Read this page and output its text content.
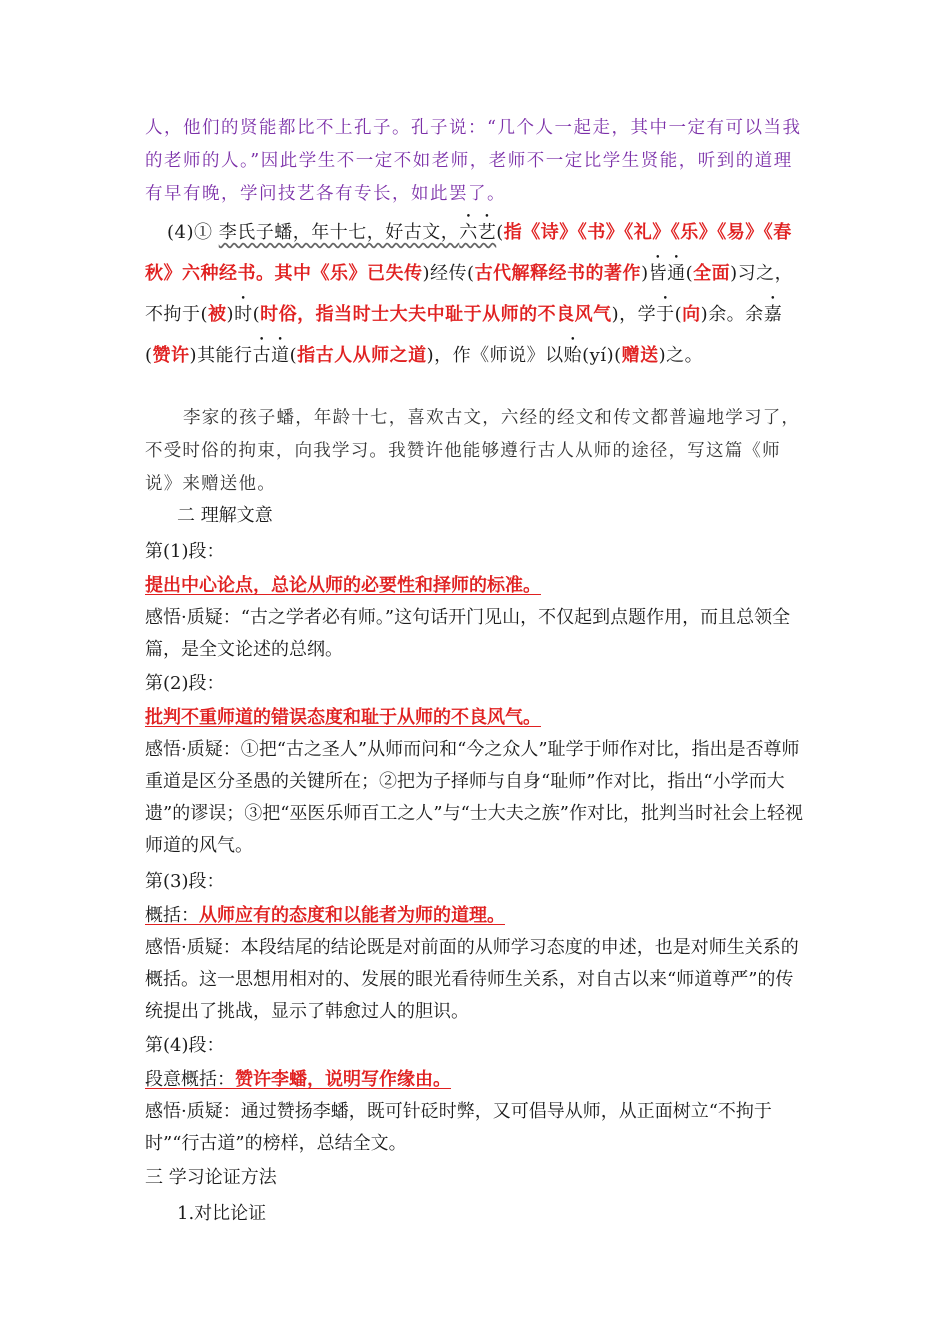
人，他们的贤能都比不上孔子。孔子说：“几个人一起走，其中一定有可以当我的老师的人。”因此学生不一定不如老师，老师不一定比学生贤能，听到的道理有早有晚，学问技艺各有专长，如此罢了。

(4)① 李氏子蟠，年十七，好古文，六艺(指《诗》《书》《礼》《乐》《易》《春秋》六种经书。其中《乐》已失传)经传(古代解释经书的著作)皆通(全面)习之，不拘于(被)时(时俗，指当时士大夫中耻于从师的不良风气)，学于(向)余。余嘉(赞许)其能行古道(指古人从师之道)，作《师说》以贻(yí)(赠送)之。

李家的孩子蟠，年龄十七，喜欢古文，六经的经文和传文都普遍地学习了，不受时俗的拘束，向我学习。我赞许他能够遵行古人从师的途径，写这篇《师说》来赠送他。

二 理解文意
第(1)段：
提出中心论点，总论从师的必要性和择师的标准。

感悟·质疑：“古之学者必有师。”这句话开门见山，不仅起到点题作用，而且总领全篇，是全文论述的总纲。

第(2)段：
批判不重师道的错误态度和耻于从师的不良风气。

感悟·质疑：①把“古之圣人”从师而问和“今之众人”耻学于师作对比，指出是否尊师重道是区分圣愚的关键所在；②把为子择师与自身“耻师”作对比，指出“小学而大遗”的谬误；③把“巫医乐师百工之人”与“士大夫之族”作对比，批判当时社会上轻视师道的风气。

第(3)段：
概括：从师应有的态度和以能者为师的道理。

感悟·质疑：本段结尾的结论既是对前面的从师学习态度的申述，也是对师生关系的概括。这一思想用相对的、发展的眼光看待师生关系，对自古以来“师道尊严”的传统提出了挑战，显示了韩愈过人的胆识。

第(4)段：
段意概括：赞许李蟠，说明写作缘由。

感悟·质疑：通过赞扬李蟠，既可针砭时弊，又可倡导从师，从正面树立“不拘于时”“行古道”的榜样，总结全文。

三 学习论证方法
1.对比论证
